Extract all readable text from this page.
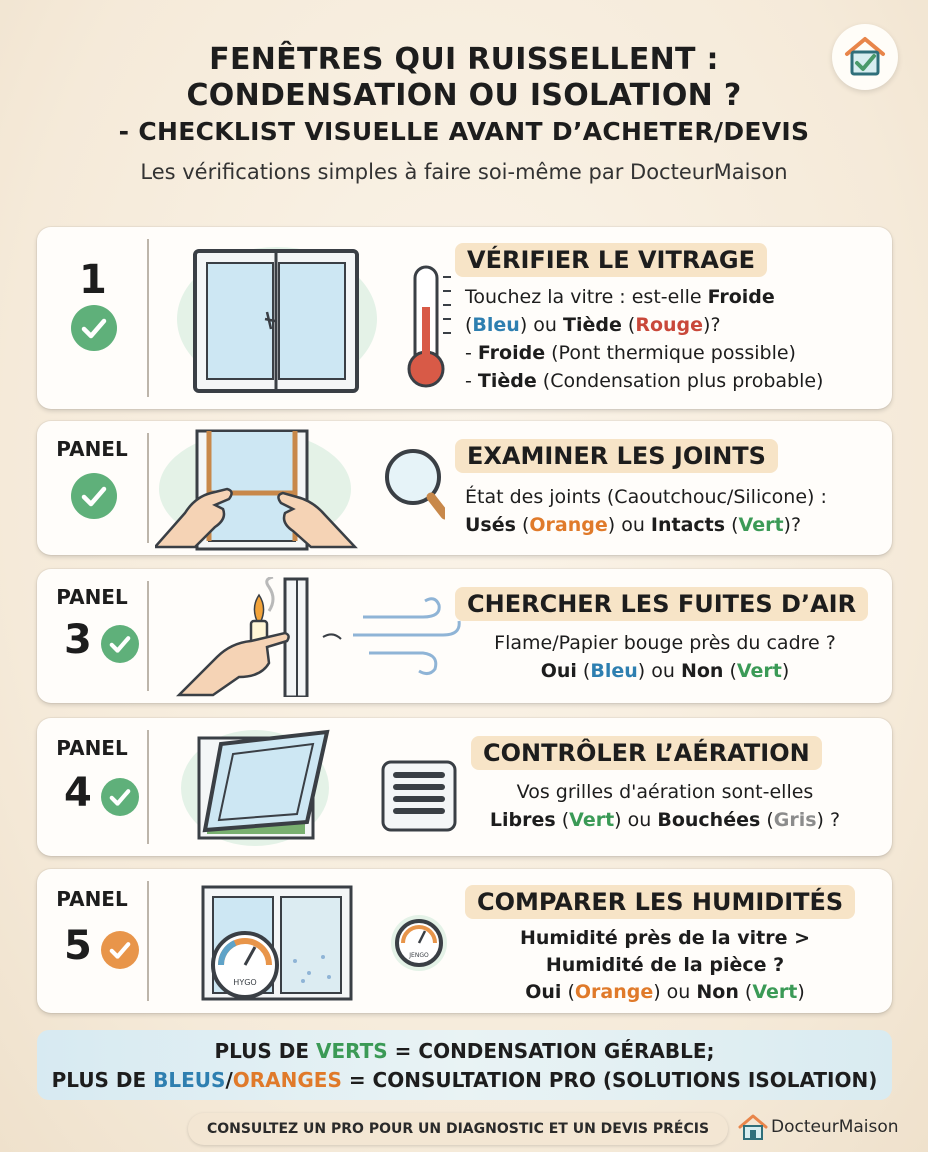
FENÊTRES QUI RUISSELLENT :
CONDENSATION OU ISOLATION ?
- CHECKLIST VISUELLE AVANT D’ACHETER/DEVIS
Les vérifications simples à faire soi-même par DocteurMaison
1	VÉRIFIER LE VITRAGE
Touchez la vitre : est-elle Froide
(Bleu) ou Tiède (Rouge)?
- Froide (Pont thermique possible)
- Tiède (Condensation plus probable)
PANEL	EXAMINER LES JOINTS
État des joints (Caoutchouc/Silicone) :
Usés (Orange) ou Intacts (Vert)?
PANEL
3
CHERCHER LES FUITES D’AIR
Flame/Papier bouge près du cadre ?
Oui (Bleu) ou Non (Vert)
PANEL
4
CONTRÔLER L’AÉRATION
Vos grilles d'aération sont-elles
Libres (Vert) ou Bouchées (Gris) ?
PANEL
5
HYGO
JENGO
COMPARER LES HUMIDITÉS
Humidité près de la vitre >
Humidité de la pièce ?
Oui (Orange) ou Non (Vert)
PLUS DE VERTS = CONDENSATION GÉRABLE;
PLUS DE BLEUS/ORANGES = CONSULTATION PRO (SOLUTIONS ISOLATION)
CONSULTEZ UN PRO POUR UN DIAGNOSTIC ET UN DEVIS PRÉCIS	DocteurMaison
